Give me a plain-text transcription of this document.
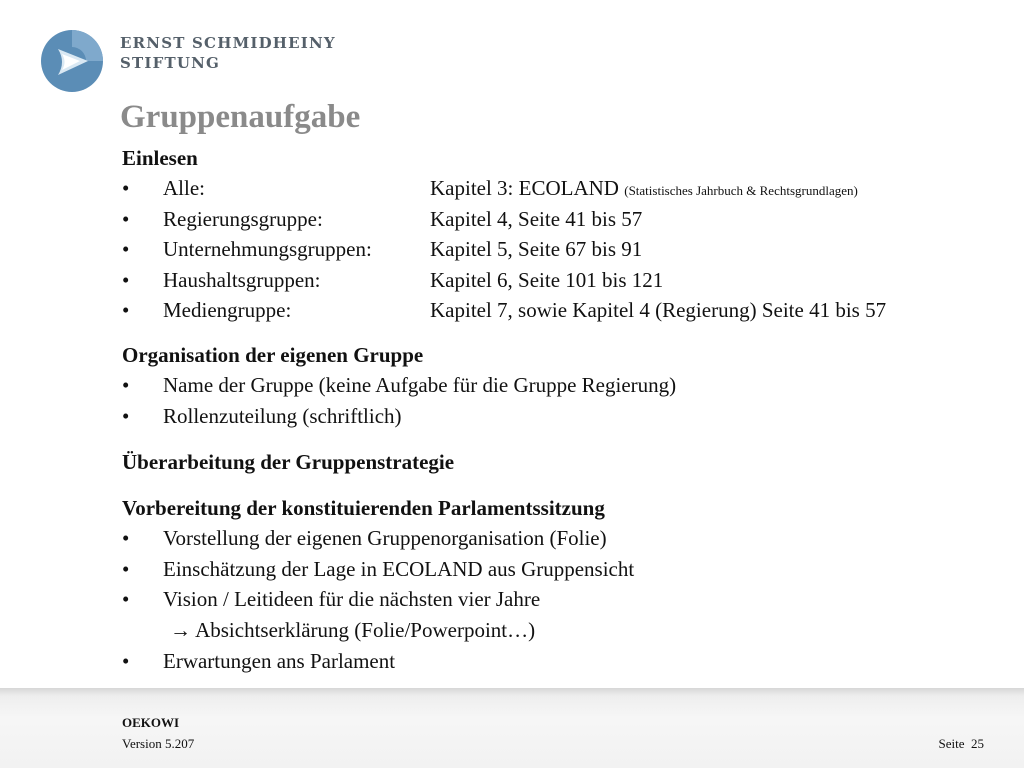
ERNST SCHMIDHEINY
STIFTUNG
Gruppenaufgabe
Einlesen
•	Alle:	Kapitel 3: ECOLAND (Statistisches Jahrbuch & Rechtsgrundlagen)
•	Regierungsgruppe:	Kapitel 4, Seite 41 bis 57
•	Unternehmungsgruppen:	Kapitel 5, Seite 67 bis 91
•	Haushaltsgruppen:	Kapitel 6, Seite 101 bis 121
•	Mediengruppe:	Kapitel 7, sowie Kapitel 4 (Regierung) Seite 41 bis 57
Organisation der eigenen Gruppe
•	Name der Gruppe (keine Aufgabe für die Gruppe Regierung)
•	Rollenzuteilung (schriftlich)
Überarbeitung der Gruppenstrategie
Vorbereitung der konstituierenden Parlamentssitzung
•	Vorstellung der eigenen Gruppenorganisation (Folie)
•	Einschätzung der Lage in ECOLAND aus Gruppensicht
•	Vision / Leitideen für die nächsten vier Jahre
→ Absichtserklärung (Folie/Powerpoint…)
•	Erwartungen ans Parlament
OEKOWI
Version 5.207	Seite 25
